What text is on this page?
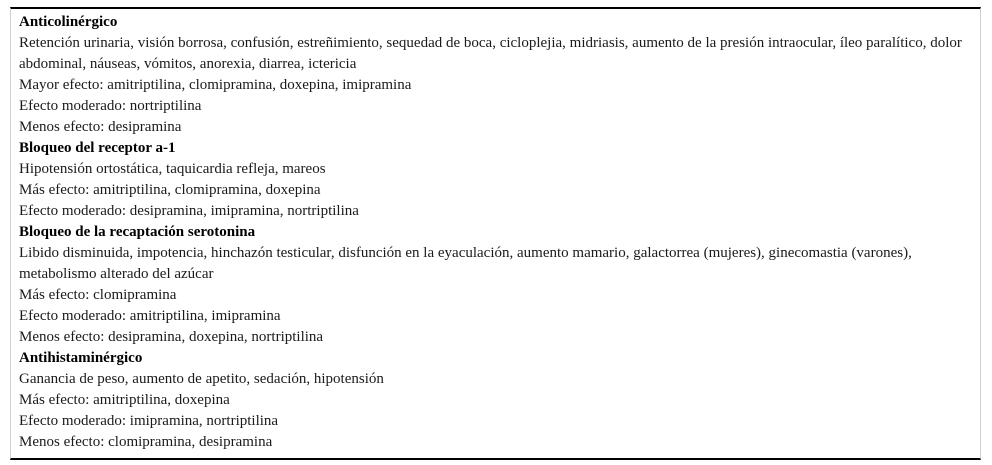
Anticolinérgico

Retención urinaria, visión borrosa, confusión, estreñimiento, sequedad de boca, cicloplejia, midriasis, aumento de la presión intraocular, íleo paralítico, dolor abdominal, náuseas, vómitos, anorexia, diarrea, ictericia

Mayor efecto: amitriptilina, clomipramina, doxepina, imipramina

Efecto moderado: nortriptilina

Menos efecto: desipramina

Bloqueo del receptor a-1

Hipotensión ortostática, taquicardia refleja, mareos

Más efecto: amitriptilina, clomipramina, doxepina

Efecto moderado: desipramina, imipramina, nortriptilina

Bloqueo de la recaptación serotonina

Libido disminuida, impotencia, hinchazón testicular, disfunción en la eyaculación, aumento mamario, galactorrea (mujeres), ginecomastia (varones), metabolismo alterado del azúcar

Más efecto: clomipramina

Efecto moderado: amitriptilina, imipramina

Menos efecto: desipramina, doxepina, nortriptilina

Antihistaminérgico

Ganancia de peso, aumento de apetito, sedación, hipotensión

Más efecto: amitriptilina, doxepina

Efecto moderado: imipramina, nortriptilina

Menos efecto: clomipramina, desipramina
